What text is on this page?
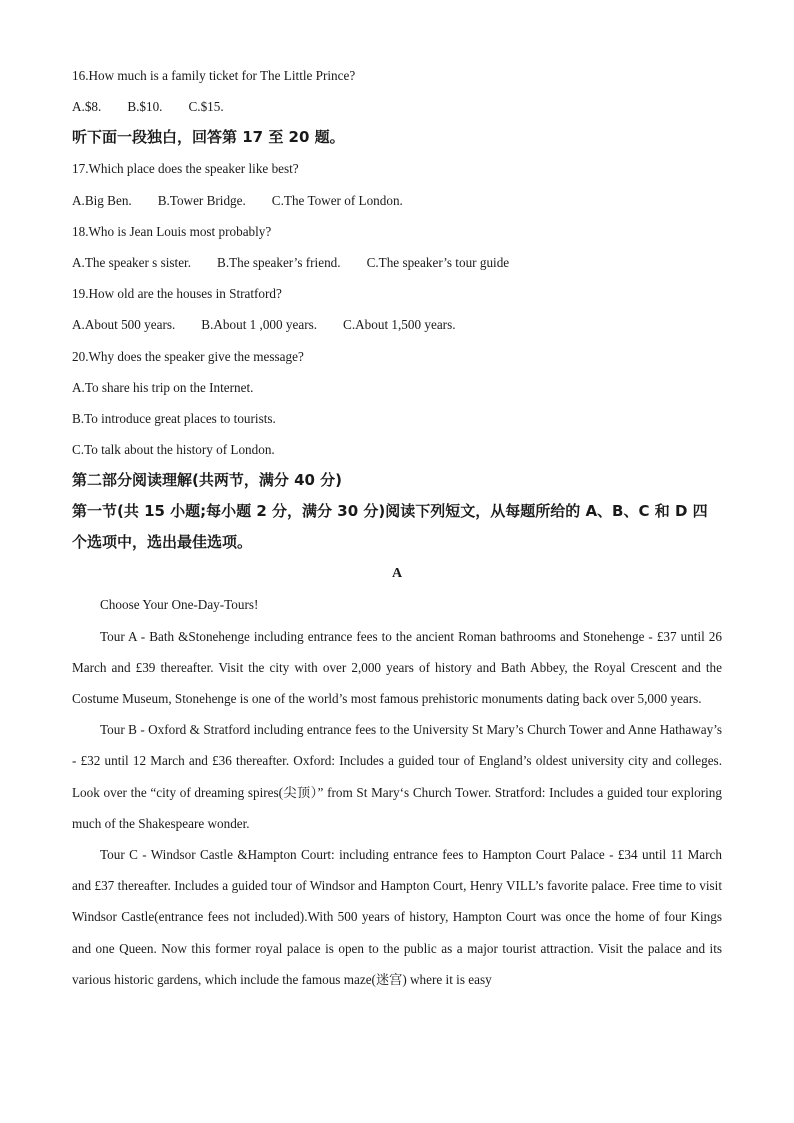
16.How much is a family ticket for The Little Prince?
A.$8. B.$10. C.$15.
听下面一段独白，回答第 17 至 20 题。
17.Which place does the speaker like best?
A.Big Ben. B.Tower Bridge. C.The Tower of London.
18.Who is Jean Louis most probably?
A.The speaker s sister. B.The speaker’s friend. C.The speaker’s tour guide
19.How old are the houses in Stratford?
A.About 500 years. B.About 1 ,000 years. C.About 1,500 years.
20.Why does the speaker give the message?
A.To share his trip on the Internet.
B.To introduce great places to tourists.
C.To talk about the history of London.
第二部分阅读理解(共两节，满分 40 分)
第一节(共 15 小题;每小题 2 分，满分 30 分)阅读下列短文，从每题所给的 A、B、C 和 D 四个选项中，选出最佳选项。
A
Choose Your One-Day-Tours!

Tour A - Bath &Stonehenge including entrance fees to the ancient Roman bathrooms and Stonehenge - £37 until 26 March and £39 thereafter. Visit the city with over 2,000 years of history and Bath Abbey, the Royal Crescent and the Costume Museum, Stonehenge is one of the world’s most famous prehistoric monuments dating back over 5,000 years.

Tour B - Oxford & Stratford including entrance fees to the University St Mary’s Church Tower and Anne Hathaway’s - £32 until 12 March and £36 thereafter. Oxford: Includes a guided tour of England’s oldest university city and colleges. Look over the “city of dreaming spires(尖顶）” from St Mary‘s Church Tower. Stratford: Includes a guided tour exploring much of the Shakespeare wonder.

Tour C - Windsor Castle &Hampton Court: including entrance fees to Hampton Court Palace - £34 until 11 March and £37 thereafter. Includes a guided tour of Windsor and Hampton Court, Henry VILL’s favorite palace. Free time to visit Windsor Castle(entrance fees not included).With 500 years of history, Hampton Court was once the home of four Kings and one Queen. Now this former royal palace is open to the public as a major tourist attraction. Visit the palace and its various historic gardens, which include the famous maze(迷宫) where it is easy
